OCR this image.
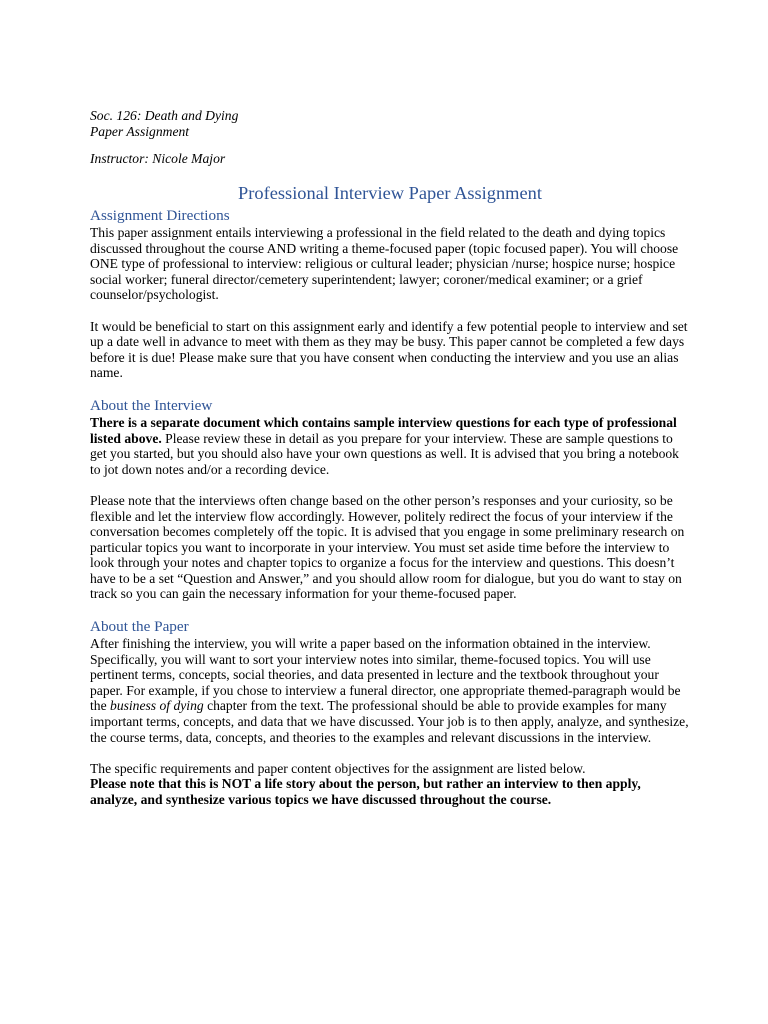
Soc. 126: Death and Dying
Paper Assignment
Instructor: Nicole Major
Professional Interview Paper Assignment
Assignment Directions

This paper assignment entails interviewing a professional in the field related to the death and dying topics discussed throughout the course AND writing a theme-focused paper (topic focused paper). You will choose ONE type of professional to interview: religious or cultural leader; physician /nurse; hospice nurse; hospice social worker; funeral director/cemetery superintendent; lawyer; coroner/medical examiner; or a grief counselor/psychologist.

It would be beneficial to start on this assignment early and identify a few potential people to interview and set up a date well in advance to meet with them as they may be busy. This paper cannot be completed a few days before it is due! Please make sure that you have consent when conducting the interview and you use an alias name.

About the Interview

There is a separate document which contains sample interview questions for each type of professional listed above. Please review these in detail as you prepare for your interview. These are sample questions to get you started, but you should also have your own questions as well. It is advised that you bring a notebook to jot down notes and/or a recording device.

Please note that the interviews often change based on the other person’s responses and your curiosity, so be flexible and let the interview flow accordingly. However, politely redirect the focus of your interview if the conversation becomes completely off the topic. It is advised that you engage in some preliminary research on particular topics you want to incorporate in your interview. You must set aside time before the interview to look through your notes and chapter topics to organize a focus for the interview and questions. This doesn’t have to be a set “Question and Answer,” and you should allow room for dialogue, but you do want to stay on track so you can gain the necessary information for your theme-focused paper.

About the Paper

After finishing the interview, you will write a paper based on the information obtained in the interview. Specifically, you will want to sort your interview notes into similar, theme-focused topics. You will use pertinent terms, concepts, social theories, and data presented in lecture and the textbook throughout your paper. For example, if you chose to interview a funeral director, one appropriate themed-paragraph would be the business of dying chapter from the text. The professional should be able to provide examples for many important terms, concepts, and data that we have discussed. Your job is to then apply, analyze, and synthesize, the course terms, data, concepts, and theories to the examples and relevant discussions in the interview.

The specific requirements and paper content objectives for the assignment are listed below.
Please note that this is NOT a life story about the person, but rather an interview to then apply, analyze, and synthesize various topics we have discussed throughout the course.
